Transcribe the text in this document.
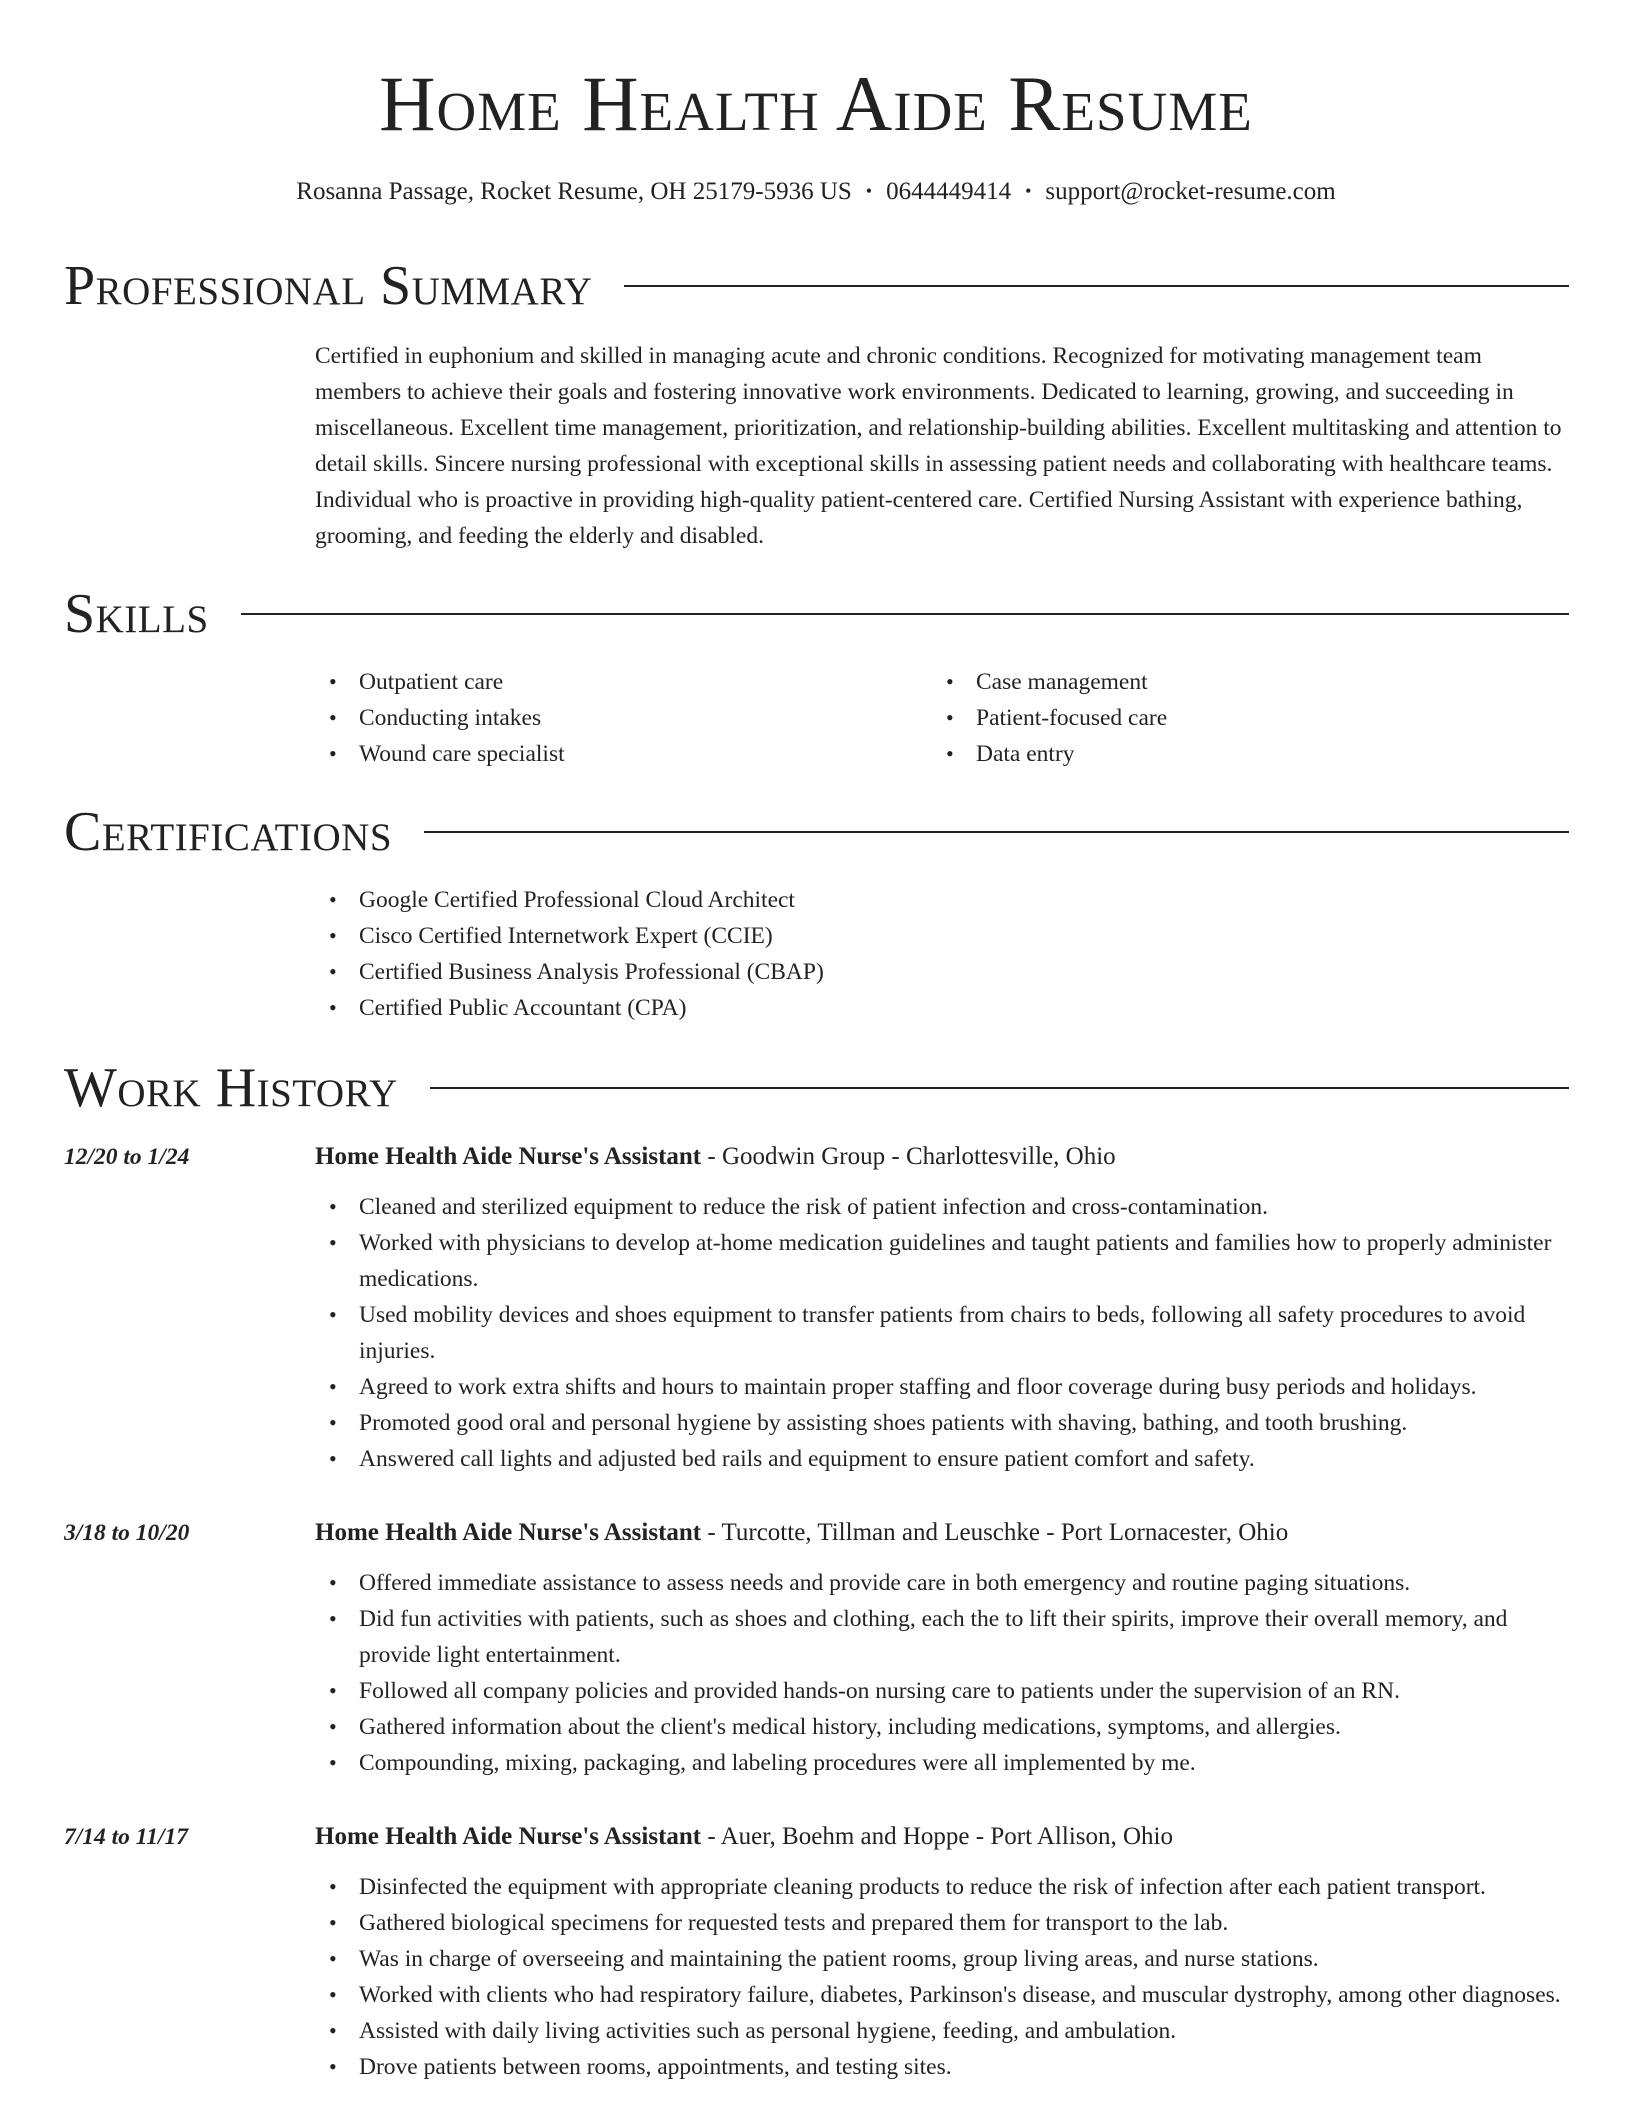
Home Health Aide Resume
Rosanna Passage, Rocket Resume, OH 25179-5936 US • 0644449414 • support@rocket-resume.com
Professional Summary

Certified in euphonium and skilled in managing acute and chronic conditions. Recognized for motivating management team members to achieve their goals and fostering innovative work environments. Dedicated to learning, growing, and succeeding in miscellaneous. Excellent time management, prioritization, and relationship-building abilities. Excellent multitasking and attention to detail skills. Sincere nursing professional with exceptional skills in assessing patient needs and collaborating with healthcare teams. Individual who is proactive in providing high-quality patient-centered care. Certified Nursing Assistant with experience bathing, grooming, and feeding the elderly and disabled.

Skills
• Outpatient care
• Conducting intakes
• Wound care specialist
• Case management
• Patient-focused care
• Data entry
Certifications
• Google Certified Professional Cloud Architect
• Cisco Certified Internetwork Expert (CCIE)
• Certified Business Analysis Professional (CBAP)
• Certified Public Accountant (CPA)
Work History
12/20 to 1/24	Home Health Aide Nurse's Assistant - Goodwin Group - Charlottesville, Ohio
• Cleaned and sterilized equipment to reduce the risk of patient infection and cross-contamination.
• Worked with physicians to develop at-home medication guidelines and taught patients and families how to properly administer medications.
• Used mobility devices and shoes equipment to transfer patients from chairs to beds, following all safety procedures to avoid injuries.
• Agreed to work extra shifts and hours to maintain proper staffing and floor coverage during busy periods and holidays.
• Promoted good oral and personal hygiene by assisting shoes patients with shaving, bathing, and tooth brushing.
• Answered call lights and adjusted bed rails and equipment to ensure patient comfort and safety.
3/18 to 10/20	Home Health Aide Nurse's Assistant - Turcotte, Tillman and Leuschke - Port Lornacester, Ohio
• Offered immediate assistance to assess needs and provide care in both emergency and routine paging situations.
• Did fun activities with patients, such as shoes and clothing, each the to lift their spirits, improve their overall memory, and provide light entertainment.
• Followed all company policies and provided hands-on nursing care to patients under the supervision of an RN.
• Gathered information about the client's medical history, including medications, symptoms, and allergies.
• Compounding, mixing, packaging, and labeling procedures were all implemented by me.
7/14 to 11/17	Home Health Aide Nurse's Assistant - Auer, Boehm and Hoppe - Port Allison, Ohio
• Disinfected the equipment with appropriate cleaning products to reduce the risk of infection after each patient transport.
• Gathered biological specimens for requested tests and prepared them for transport to the lab.
• Was in charge of overseeing and maintaining the patient rooms, group living areas, and nurse stations.
• Worked with clients who had respiratory failure, diabetes, Parkinson's disease, and muscular dystrophy, among other diagnoses.
• Assisted with daily living activities such as personal hygiene, feeding, and ambulation.
• Drove patients between rooms, appointments, and testing sites.
